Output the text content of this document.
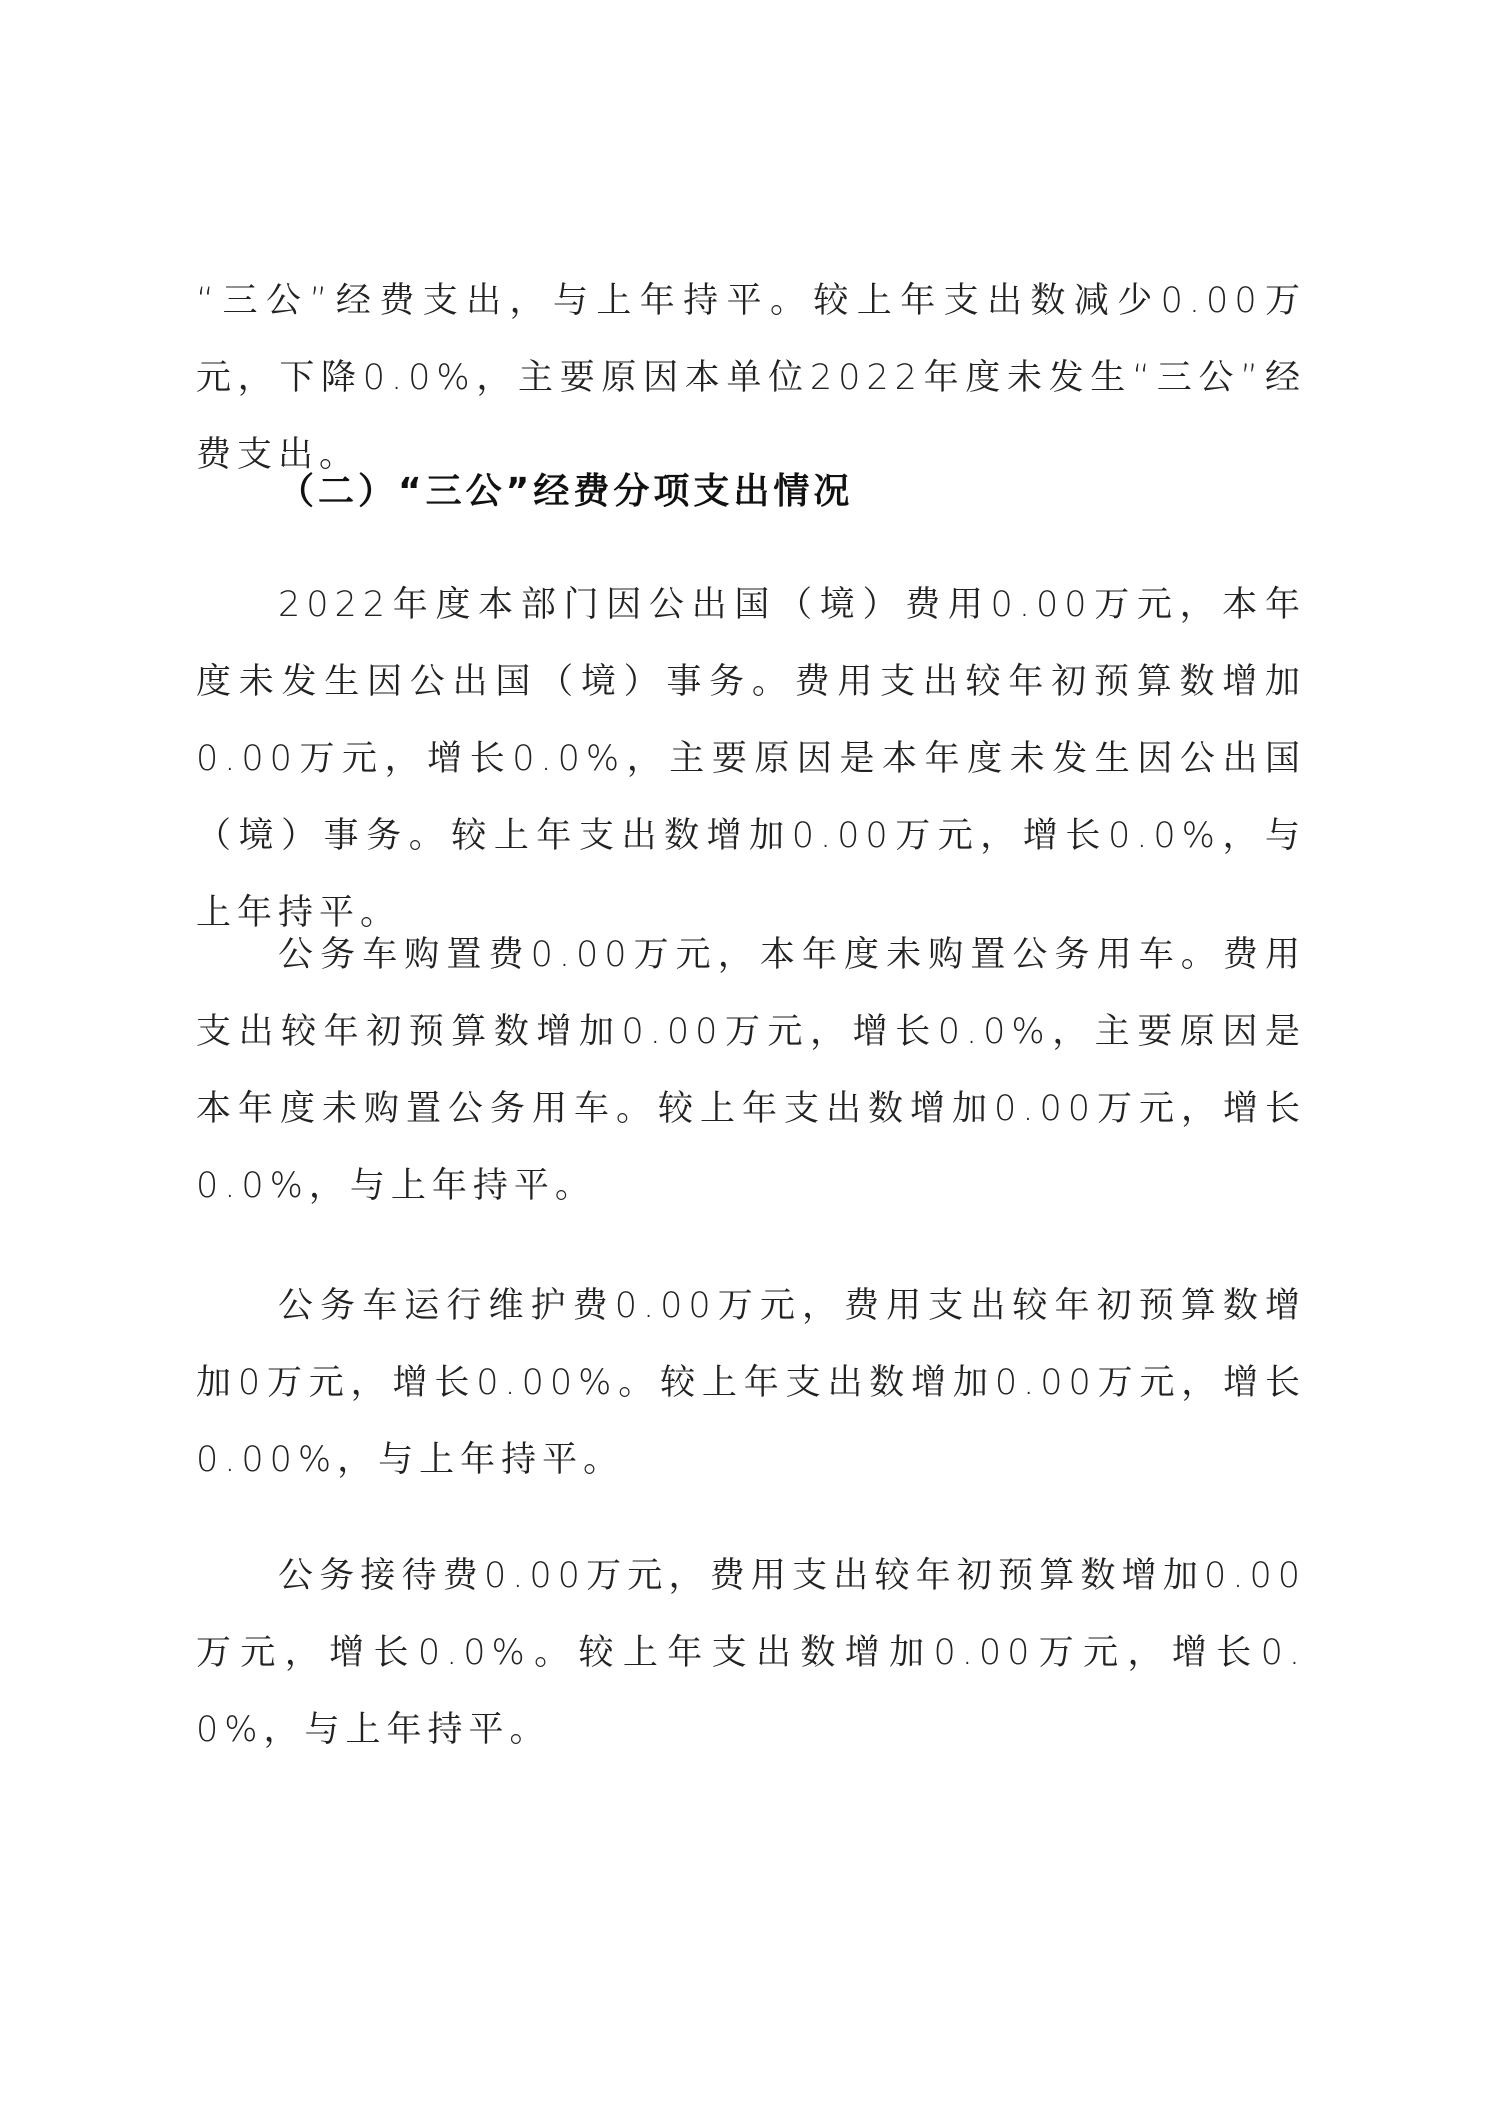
“三公”经费支出，与上年持平。较上年支出数减少0.00万元，下降0.0%，主要原因本单位2022年度未发生“三公”经费支出。

（二）“三公”经费分项支出情况

2022年度本部门因公出国（境）费用0.00万元，本年度未发生因公出国（境）事务。费用支出较年初预算数增加0.00万元，增长0.0%，主要原因是本年度未发生因公出国（境）事务。较上年支出数增加0.00万元，增长0.0%，与上年持平。

公务车购置费0.00万元，本年度未购置公务用车。费用支出较年初预算数增加0.00万元，增长0.0%，主要原因是本年度未购置公务用车。较上年支出数增加0.00万元，增长0.0%，与上年持平。

公务车运行维护费0.00万元，费用支出较年初预算数增加0万元，增长0.00%。较上年支出数增加0.00万元，增长0.00%，与上年持平。

公务接待费0.00万元，费用支出较年初预算数增加0.00万元，增长0.0%。较上年支出数增加0.00万元，增长0.0%，与上年持平。
